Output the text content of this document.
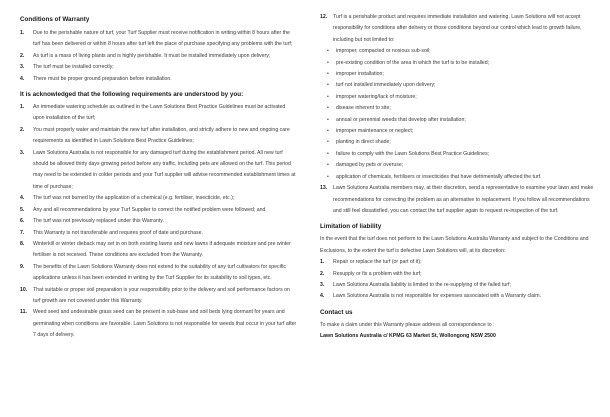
Conditions of Warranty

1.	Due to the perishable nature of turf, your Turf Supplier must receive notification in writing within 8 hours after the turf has been delivered or within 8 hours after turf left the place of purchase specifying any problems with the turf;
2.	As turf is a mass of living plants and is highly perishable. It must be installed immediately upon delivery;
3.	The turf must be installed correctly;
4.	There must be proper ground preparation before installation.

It is acknowledged that the following requirements are understood by you:

1.	An immediate watering schedule as outlined in the Lawn Solutions Best Practice Guidelines must be activated upon installation of the turf;
2.	You must properly water and maintain the new turf after installation, and strictly adhere to new and ongoing care requirements as identified in Lawn Solutions Best Practice Guidelines;
3.	Lawn Solutions Australia is not responsible for any damaged turf during the establishment period. All new turf should be allowed thirty days growing period before any traffic, including pets are allowed on the turf. This period may need to be extended in colder periods and your Turf supplier will advise recommended establishment times at time of purchase;
4.	The turf was not burned by the application of a chemical (e.g. fertiliser, insecticide, etc.);
5.	Any and all recommendations by your Turf Supplier to correct the notified problem were followed; and
6.	The turf was not previously replaced under this Warranty.
7.	This Warranty is not transferable and requires proof of date and purchase.
8.	Winterkill or winter dieback may set in on both existing lawns and new lawns if adequate moisture and pre winter fertiliser is not received. These conditions are excluded from the Warranty.
9.	The benefits of the Lawn Solutions Warranty does not extend to the suitability of any turf cultivators for specific applications unless it has been extended in writing by the Turf Supplier for its suitability to soil types, etc.
10.	That suitable or proper soil preparation is your responsibility prior to the delivery and soil performance factors on turf growth are not covered under this Warranty.
11.	Weed seed and undesirable grass seed can be present in sub-base and soil beds lying dormant for years and germinating when conditions are favorable. Lawn Solutions is not responsible for weeds that occur in your turf after 7 days of delivery.
12.	Turf is a perishable product and requires immediate installation and watering. Lawn Solutions will not accept responsibility for conditions after delivery or those conditions beyond our control which lead to growth failure, including but not limited to:
•
improper, compacted or noxious sub-soil;
•
pre-existing condition of the area in which the turf is to be installed;
•
improper installation;
•
turf not installed immediately upon delivery;
•
improper watering/lack of moisture;
•
disease inherent to site;
•
annual or perennial weeds that develop after installation;
•
improper maintenance or neglect;
•
planting in direct shade;
•
failure to comply with the Lawn Solutions Best Practice Guidelines;
•
damaged by pets or overuse;
•
application of chemicals, fertilisers or insecticides that have detrimentally affected the turf.
13.	Lawn Solutions Australia members may, at their discretion, send a representative to examine your lawn and make recommendations for correcting the problem as an alternative to replacement. If you follow all recommendations and still feel dissatisfied, you can contact the turf supplier again to request re-inspection of the turf.

Limitation of liability

In the event that the turf does not perform to the Lawn Solutions Australia Warranty and subject to the Conditions and Exclusions, to the extent the turf is defective Lawn Solutions will, at its discretion:

1.	Repair or replace the turf (or part of it);
2.	Resupply or fix a problem with the turf;
3.	Lawn Solutions Australia liability is limited to the re-supplying of the failed turf;
4.	Lawn Solutions Australia is not responsible for expenses associated with a Warranty claim.

Contact us

To make a claim under this Warranty please address all correspondence to :

Lawn Solutions Australia c/ KPMG 63 Market St, Wollongong NSW 2500
